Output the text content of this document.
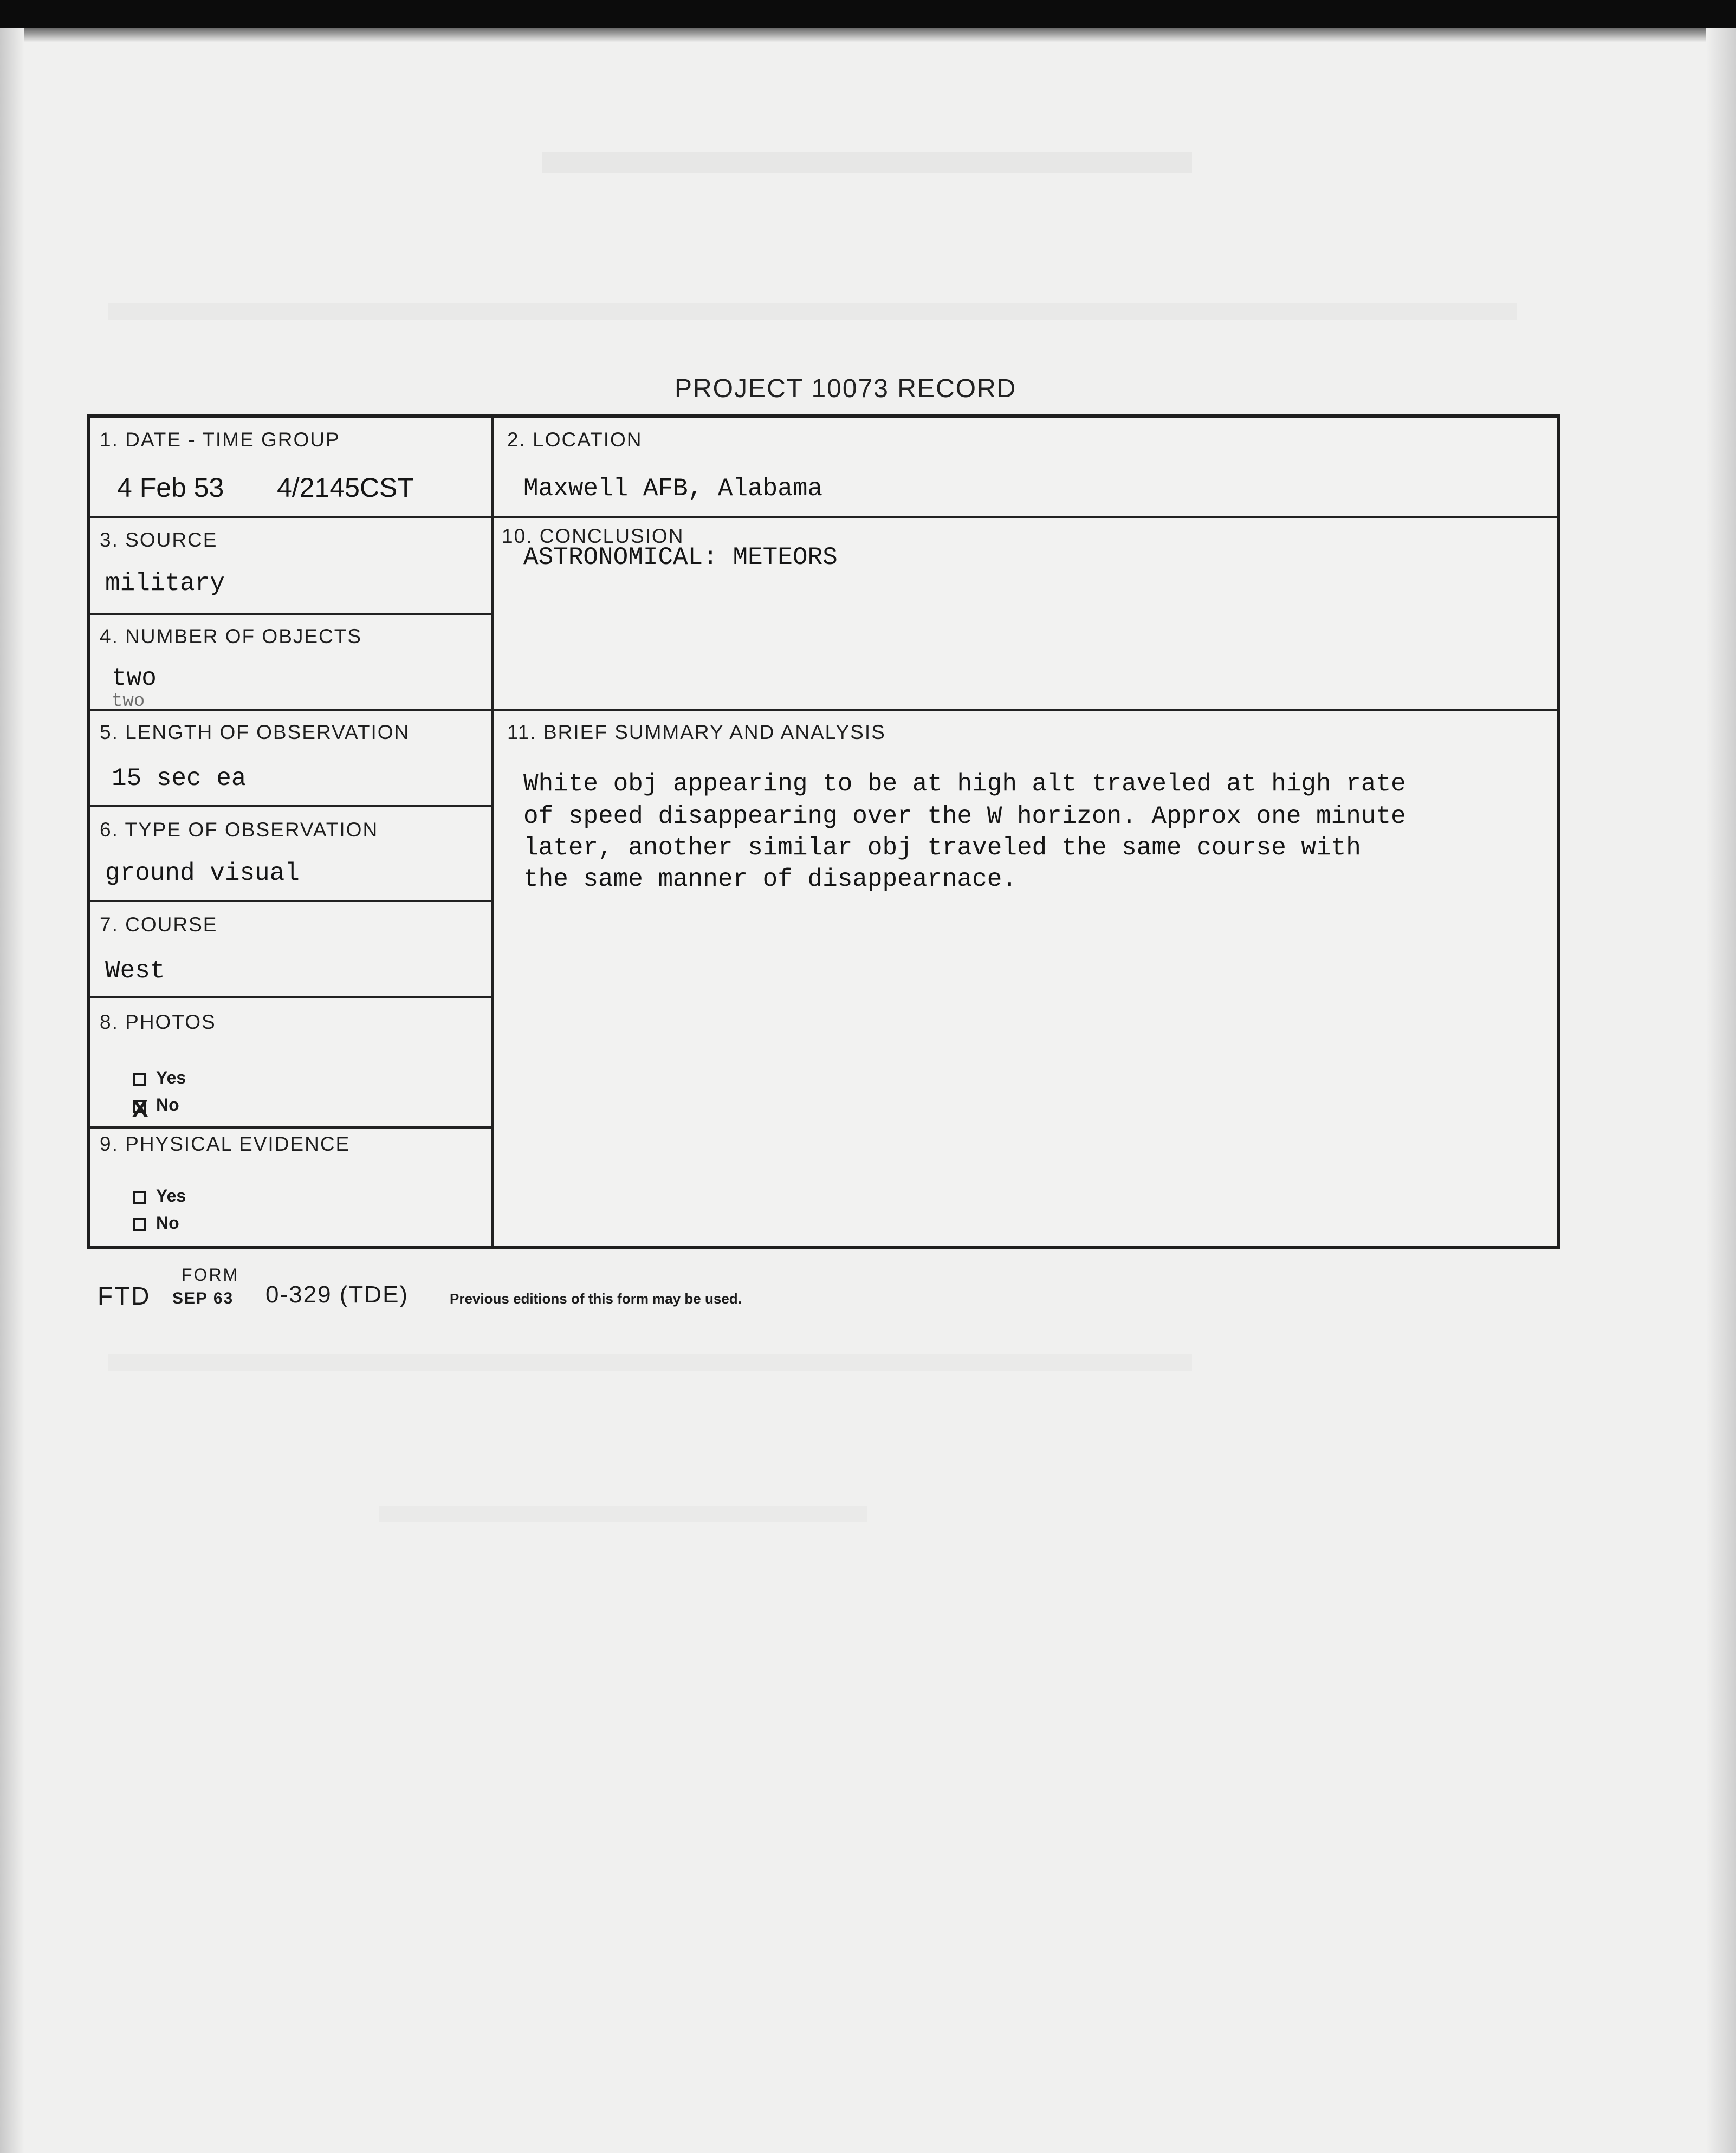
PROJECT 10073 RECORD
1. DATE - TIME GROUP
4 Feb 53 4/2145CST
2. LOCATION
Maxwell AFB, Alabama
3. SOURCE
military
10. CONCLUSION
ASTRONOMICAL: METEORS
4. NUMBER OF OBJECTS
two
two
5. LENGTH OF OBSERVATION
15 sec ea
11. BRIEF SUMMARY AND ANALYSIS
White obj appearing to be at high alt traveled at high rate
of speed disappearing over the W horizon. Approx one minute
later, another similar obj traveled the same course with
the same manner of disappearnace.
6. TYPE OF OBSERVATION
ground visual
7. COURSE
West
8. PHOTOS
Yes
X No
9. PHYSICAL EVIDENCE
Yes
No
FORM
FTD SEP 63 0-329 (TDE)	Previous editions of this form may be used.
